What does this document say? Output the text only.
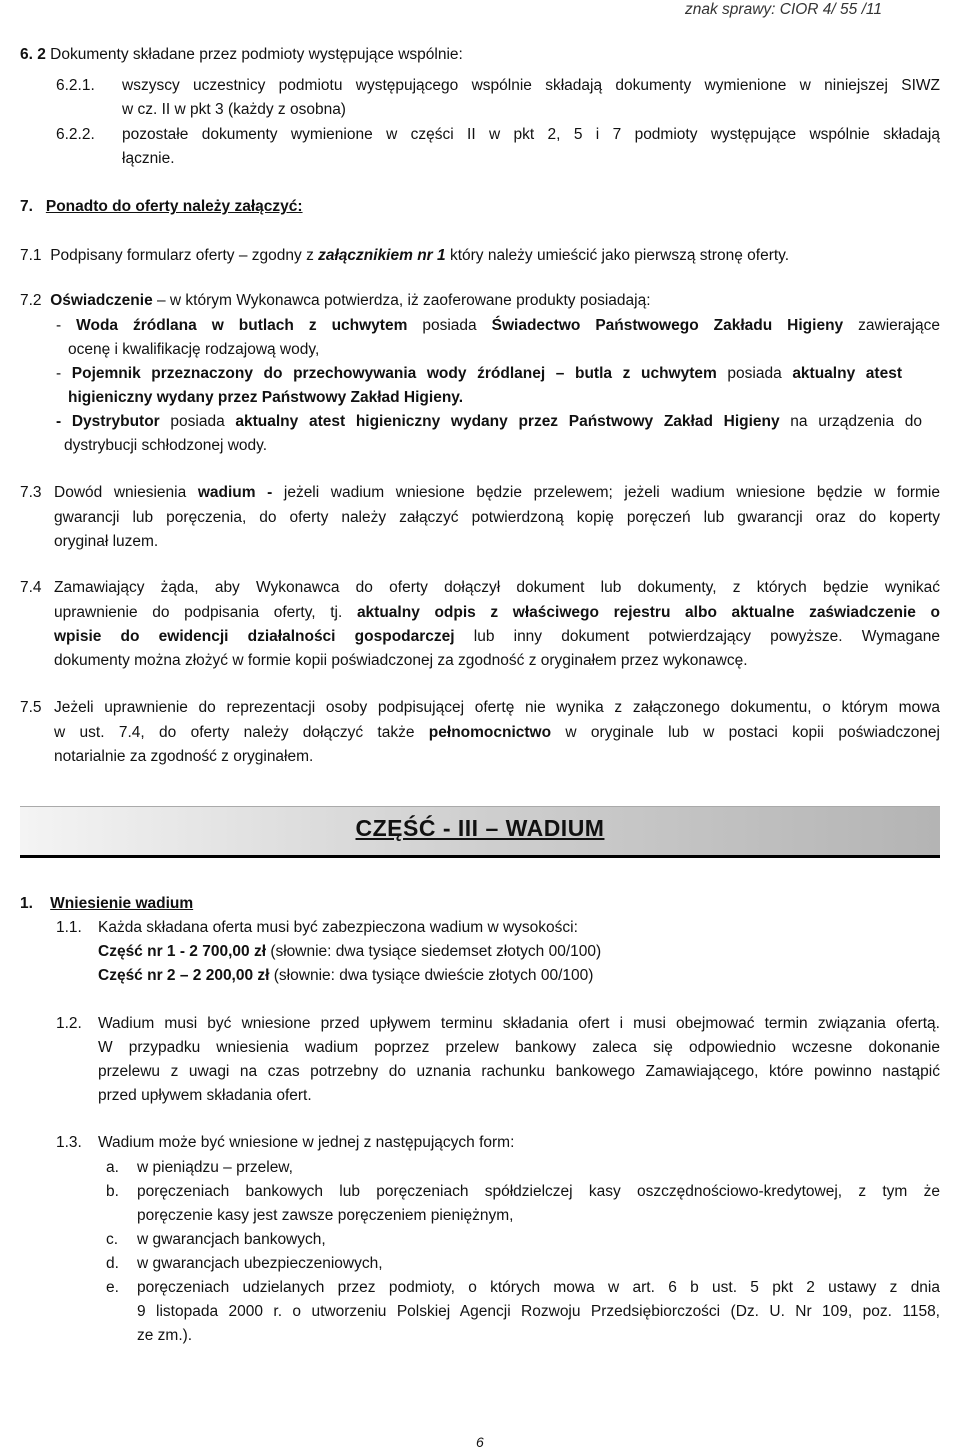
znak sprawy: CIOR 4/ 55 /11
6. 2 Dokumenty składane przez podmioty występujące wspólnie:
6.2.1. wszyscy uczestnicy podmiotu występującego wspólnie składają dokumenty wymienione w niniejszej SIWZ
w cz. II w pkt 3 (każdy z osobna)
6.2.2. pozostałe dokumenty wymienione w części II w pkt 2, 5 i 7 podmioty występujące wspólnie składają
łącznie.
7. Ponadto do oferty należy załączyć:
7.1 Podpisany formularz oferty – zgodny z załącznikiem nr 1 który należy umieścić jako pierwszą stronę oferty.
7.2 Oświadczenie – w którym Wykonawca potwierdza, iż zaoferowane produkty posiadają:
- Woda źródlana w butlach z uchwytem posiada Świadectwo Państwowego Zakładu Higieny zawierające
ocenę i kwalifikację rodzajową wody,
- Pojemnik przeznaczony do przechowywania wody źródlanej – butla z uchwytem posiada aktualny atest
higieniczny wydany przez Państwowy Zakład Higieny.
- Dystrybutor posiada aktualny atest higieniczny wydany przez Państwowy Zakład Higieny na urządzenia do
dystrybucji schłodzonej wody.
7.3 Dowód wniesienia wadium - jeżeli wadium wniesione będzie przelewem; jeżeli wadium wniesione będzie w formie
gwarancji lub poręczenia, do oferty należy załączyć potwierdzoną kopię poręczeń lub gwarancji oraz do koperty
oryginał luzem.
7.4 Zamawiający żąda, aby Wykonawca do oferty dołączył dokument lub dokumenty, z których będzie wynikać
uprawnienie do podpisania oferty, tj. aktualny odpis z właściwego rejestru albo aktualne zaświadczenie o
wpisie do ewidencji działalności gospodarczej lub inny dokument potwierdzający powyższe. Wymagane
dokumenty można złożyć w formie kopii poświadczonej za zgodność z oryginałem przez wykonawcę.
7.5 Jeżeli uprawnienie do reprezentacji osoby podpisującej ofertę nie wynika z załączonego dokumentu, o którym mowa
w ust. 7.4, do oferty należy dołączyć także pełnomocnictwo w oryginale lub w postaci kopii poświadczonej
notarialnie za zgodność z oryginałem.
CZĘŚĆ - III – WADIUM
1. Wniesienie wadium
1.1. Każda składana oferta musi być zabezpieczona wadium w wysokości:
Część nr 1 - 2 700,00 zł (słownie: dwa tysiące siedemset złotych 00/100)
Część nr 2 – 2 200,00 zł (słownie: dwa tysiące dwieście złotych 00/100)
1.2. Wadium musi być wniesione przed upływem terminu składania ofert i musi obejmować termin związania ofertą.
W przypadku wniesienia wadium poprzez przelew bankowy zaleca się odpowiednio wczesne dokonanie
przelewu z uwagi na czas potrzebny do uznania rachunku bankowego Zamawiającego, które powinno nastąpić
przed upływem składania ofert.
1.3. Wadium może być wniesione w jednej z następujących form:
a. w pieniądzu – przelew,
b. poręczeniach bankowych lub poręczeniach spółdzielczej kasy oszczędnościowo-kredytowej, z tym że
poręczenie kasy jest zawsze poręczeniem pieniężnym,
c. w gwarancjach bankowych,
d. w gwarancjach ubezpieczeniowych,
e. poręczeniach udzielanych przez podmioty, o których mowa w art. 6 b ust. 5 pkt 2 ustawy z dnia
9 listopada 2000 r. o utworzeniu Polskiej Agencji Rozwoju Przedsiębiorczości (Dz. U. Nr 109, poz. 1158,
ze zm.).
6
